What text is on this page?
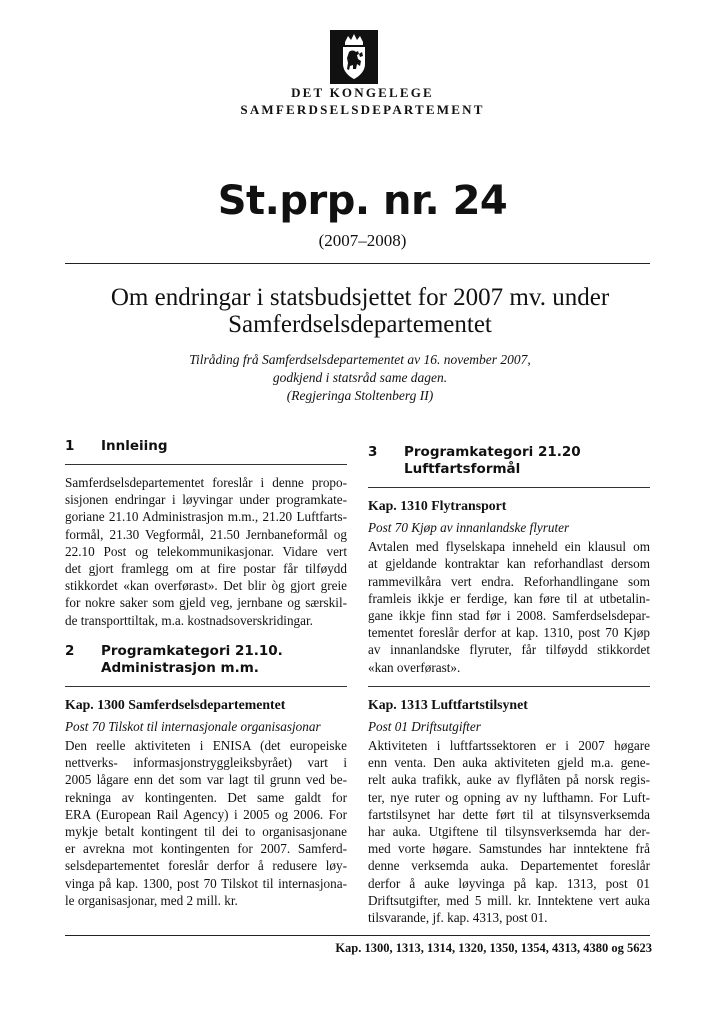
DET KONGELEGE
SAMFERDSELSDEPARTEMENT
St.prp. nr. 24
(2007–2008)
Om endringar i statsbudsjettet for 2007 mv. under
Samferdselsdepartementet
Tilråding frå Samferdselsdepartementet av 16. november 2007,
godkjend i statsråd same dagen.
(Regjeringa Stoltenberg II)
1	Innleiing
Samferdselsdepartementet foreslår i denne propo-
sisjonen endringar i løyvingar under programkate-
goriane 21.10 Administrasjon m.m., 21.20 Luftfarts-
formål, 21.30 Vegformål, 21.50 Jernbaneformål og
22.10 Post og telekommunikasjonar. Vidare vert
det gjort framlegg om at fire postar får tilføydd
stikkordet «kan overførast». Det blir òg gjort greie
for nokre saker som gjeld veg, jernbane og særskil-
de transporttiltak, m.a. kostnadsoverskridingar.
2	Programkategori 21.10.
Administrasjon m.m.
Kap. 1300 Samferdselsdepartementet
Post 70 Tilskot til internasjonale organisasjonar
Den reelle aktiviteten i ENISA (det europeiske
nettverks- informasjonstryggleiksbyrået) vart i
2005 lågare enn det som var lagt til grunn ved be-
rekninga av kontingenten. Det same galdt for
ERA (European Rail Agency) i 2005 og 2006. For
mykje betalt kontingent til dei to organisasjonane
er avrekna mot kontingenten for 2007. Samferd-
selsdepartementet foreslår derfor å redusere løy-
vinga på kap. 1300, post 70 Tilskot til internasjona-
le organisasjonar, med 2 mill. kr.
3	Programkategori 21.20
Luftfartsformål
Kap. 1310 Flytransport
Post 70 Kjøp av innanlandske flyruter
Avtalen med flyselskapa inneheld ein klausul om
at gjeldande kontraktar kan reforhandlast dersom
rammevilkåra vert endra. Reforhandlingane som
framleis ikkje er ferdige, kan føre til at utbetalin-
gane ikkje finn stad før i 2008. Samferdselsdepar-
tementet foreslår derfor at kap. 1310, post 70 Kjøp
av innanlandske flyruter, får tilføydd stikkordet
«kan overførast».
Kap. 1313 Luftfartstilsynet
Post 01 Driftsutgifter
Aktiviteten i luftfartssektoren er i 2007 høgare
enn venta. Den auka aktiviteten gjeld m.a. gene-
relt auka trafikk, auke av flyflåten på norsk regis-
ter, nye ruter og opning av ny lufthamn. For Luft-
fartstilsynet har dette ført til at tilsynsverksemda
har auka. Utgiftene til tilsynsverksemda har der-
med vorte høgare. Samstundes har inntektene frå
denne verksemda auka. Departementet foreslår
derfor å auke løyvinga på kap. 1313, post 01
Driftsutgifter, med 5 mill. kr. Inntektene vert auka
tilsvarande, jf. kap. 4313, post 01.
Kap. 1300, 1313, 1314, 1320, 1350, 1354, 4313, 4380 og 5623
